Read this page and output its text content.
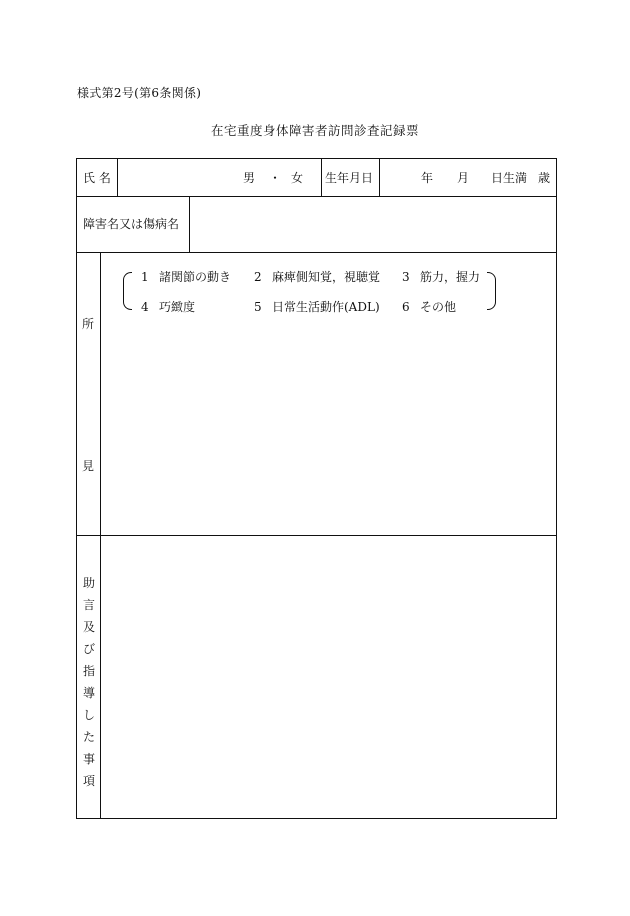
様式第2号(第6条関係)
在宅重度身体障害者訪問診査記録票
氏 名	男 ・ 女 生年月日	年 月 日生満 歳
障害名又は傷病名
所
見
1 諸関節の動き 2 麻痺側知覚，視聴覚 3 筋力，握力
4 巧緻度	5 日常生活動作(ADL) 6 その他
助
言
及
び
指
導
し
た
事
項
